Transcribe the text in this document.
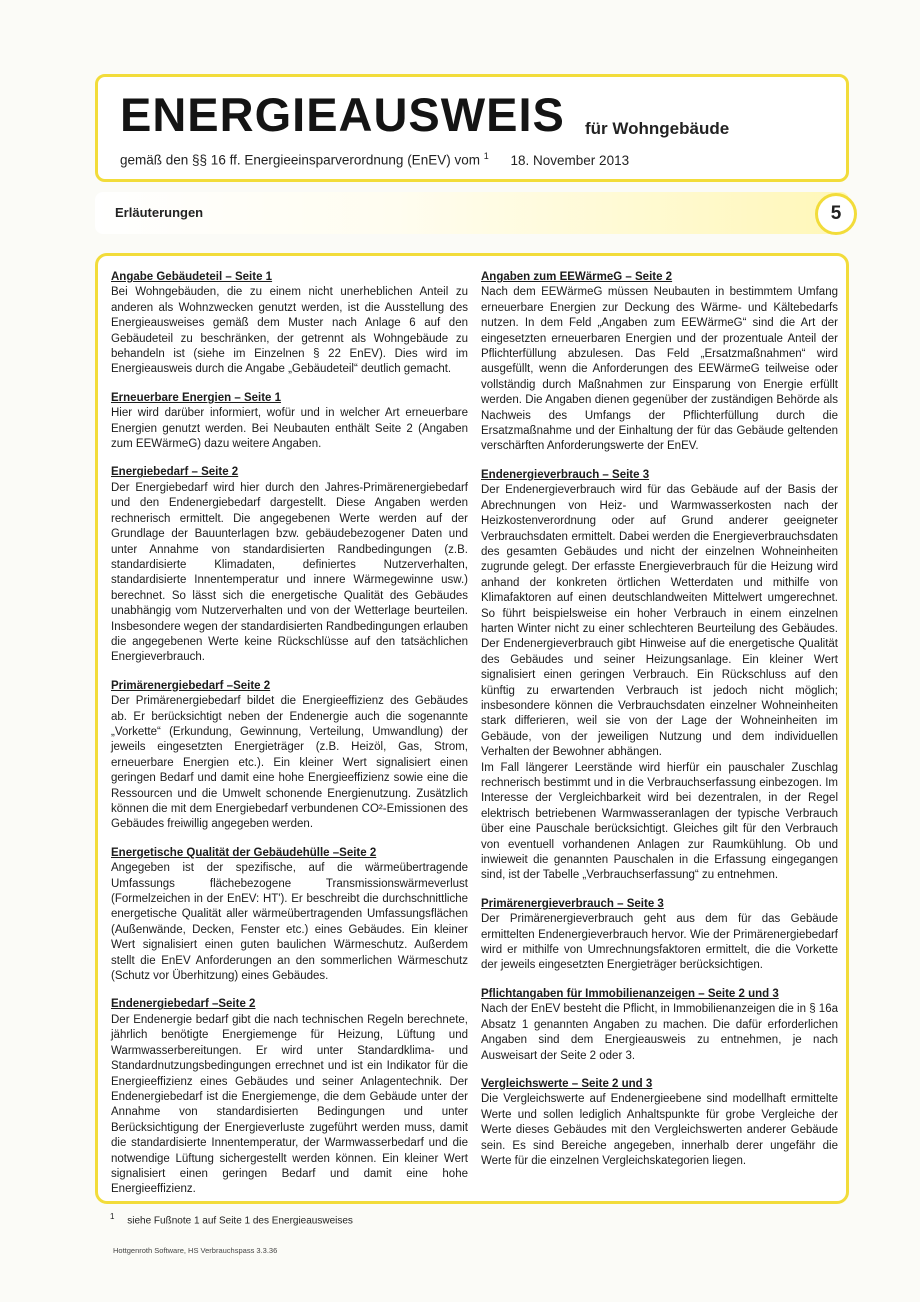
ENERGIEAUSWEIS für Wohngebäude
gemäß den §§ 16 ff. Energieeinsparverordnung (EnEV) vom $^1$ 18. November 2013
Erläuterungen	5
Angabe Gebäudeteil – Seite 1

Bei Wohngebäuden, die zu einem nicht unerheblichen Anteil zu anderen als Wohnzwecken genutzt werden, ist die Ausstellung des Energieausweises gemäß dem Muster nach Anlage 6 auf den Gebäudeteil zu beschränken, der getrennt als Wohngebäude zu behandeln ist (siehe im Einzelnen § 22 EnEV). Dies wird im Energieausweis durch die Angabe „Gebäudeteil“ deutlich gemacht.

Erneuerbare Energien – Seite 1

Hier wird darüber informiert, wofür und in welcher Art erneuerbare Energien genutzt werden. Bei Neubauten enthält Seite 2 (Angaben zum EEWärmeG) dazu weitere Angaben.

Energiebedarf – Seite 2

Der Energiebedarf wird hier durch den Jahres-Primärenergiebedarf und den Endenergiebedarf dargestellt. Diese Angaben werden rechnerisch ermittelt. Die angegebenen Werte werden auf der Grundlage der Bauunterlagen bzw. gebäudebezogener Daten und unter Annahme von standardisierten Randbedingungen (z.B. standardisierte Klimadaten, definiertes Nutzerverhalten, standardisierte Innentemperatur und innere Wärmegewinne usw.) berechnet. So lässt sich die energetische Qualität des Gebäudes unabhängig vom Nutzerverhalten und von der Wetterlage beurteilen. Insbesondere wegen der standardisierten Randbedingungen erlauben die angegebenen Werte keine Rückschlüsse auf den tatsächlichen Energieverbrauch.

Primärenergiebedarf –Seite 2

Der Primärenergiebedarf bildet die Energieeffizienz des Gebäudes ab. Er berücksichtigt neben der Endenergie auch die sogenannte „Vorkette“ (Erkundung, Gewinnung, Verteilung, Umwandlung) der jeweils eingesetzten Energieträger (z.B. Heizöl, Gas, Strom, erneuerbare Energien etc.). Ein kleiner Wert signalisiert einen geringen Bedarf und damit eine hohe Energieeffizienz sowie eine die Ressourcen und die Umwelt schonende Energienutzung. Zusätzlich können die mit dem Energiebedarf verbundenen CO²-Emissionen des Gebäudes freiwillig angegeben werden.

Energetische Qualität der Gebäudehülle –Seite 2

Angegeben ist der spezifische, auf die wärmeübertragende Umfassungs flächebezogene Transmissionswärmeverlust (Formelzeichen in der EnEV: HT'). Er beschreibt die durchschnittliche energetische Qualität aller wärmeübertragenden Umfassungsflächen (Außenwände, Decken, Fenster etc.) eines Gebäudes. Ein kleiner Wert signalisiert einen guten baulichen Wärmeschutz. Außerdem stellt die EnEV Anforderungen an den sommerlichen Wärmeschutz (Schutz vor Überhitzung) eines Gebäudes.

Endenergiebedarf –Seite 2

Der Endenergie bedarf gibt die nach technischen Regeln berechnete, jährlich benötigte Energiemenge für Heizung, Lüftung und Warmwasserbereitungen. Er wird unter Standardklima- und Standardnutzungsbedingungen errechnet und ist ein Indikator für die Energieeffizienz eines Gebäudes und seiner Anlagentechnik. Der Endenergiebedarf ist die Energiemenge, die dem Gebäude unter der Annahme von standardisierten Bedingungen und unter Berücksichtigung der Energieverluste zugeführt werden muss, damit die standardisierte Innentemperatur, der Warmwasserbedarf und die notwendige Lüftung sichergestellt werden können. Ein kleiner Wert signalisiert einen geringen Bedarf und damit eine hohe Energieeffizienz.

Angaben zum EEWärmeG – Seite 2

Nach dem EEWärmeG müssen Neubauten in bestimmtem Umfang erneuerbare Energien zur Deckung des Wärme- und Kältebedarfs nutzen. In dem Feld „Angaben zum EEWärmeG“ sind die Art der eingesetzten erneuerbaren Energien und der prozentuale Anteil der Pflichterfüllung abzulesen. Das Feld „Ersatzmaßnahmen“ wird ausgefüllt, wenn die Anforderungen des EEWärmeG teilweise oder vollständig durch Maßnahmen zur Einsparung von Energie erfüllt werden. Die Angaben dienen gegenüber der zuständigen Behörde als Nachweis des Umfangs der Pflichterfüllung durch die Ersatzmaßnahme und der Einhaltung der für das Gebäude geltenden verschärften Anforderungswerte der EnEV.

Endenergieverbrauch – Seite 3

Der Endenergieverbrauch wird für das Gebäude auf der Basis der Abrechnungen von Heiz- und Warmwasserkosten nach der Heizkostenverordnung oder auf Grund anderer geeigneter Verbrauchsdaten ermittelt. Dabei werden die Energieverbrauchsdaten des gesamten Gebäudes und nicht der einzelnen Wohneinheiten zugrunde gelegt. Der erfasste Energieverbrauch für die Heizung wird anhand der konkreten örtlichen Wetterdaten und mithilfe von Klimafaktoren auf einen deutschlandweiten Mittelwert umgerechnet. So führt beispielsweise ein hoher Verbrauch in einem einzelnen harten Winter nicht zu einer schlechteren Beurteilung des Gebäudes. Der Endenergieverbrauch gibt Hinweise auf die energetische Qualität des Gebäudes und seiner Heizungsanlage. Ein kleiner Wert signalisiert einen geringen Verbrauch. Ein Rückschluss auf den künftig zu erwartenden Verbrauch ist jedoch nicht möglich; insbesondere können die Verbrauchsdaten einzelner Wohneinheiten stark differieren, weil sie von der Lage der Wohneinheiten im Gebäude, von der jeweiligen Nutzung und dem individuellen Verhalten der Bewohner abhängen.

Im Fall längerer Leerstände wird hierfür ein pauschaler Zuschlag rechnerisch bestimmt und in die Verbrauchserfassung einbezogen. Im Interesse der Vergleichbarkeit wird bei dezentralen, in der Regel elektrisch betriebenen Warmwasseranlagen der typische Verbrauch über eine Pauschale berücksichtigt. Gleiches gilt für den Verbrauch von eventuell vorhandenen Anlagen zur Raumkühlung. Ob und inwieweit die genannten Pauschalen in die Erfassung eingegangen sind, ist der Tabelle „Verbrauchserfassung“ zu entnehmen.

Primärenergieverbrauch – Seite 3

Der Primärenergieverbrauch geht aus dem für das Gebäude ermittelten Endenergieverbrauch hervor. Wie der Primärenergiebedarf wird er mithilfe von Umrechnungsfaktoren ermittelt, die die Vorkette der jeweils eingesetzten Energieträger berücksichtigen.

Pflichtangaben für Immobilienanzeigen – Seite 2 und 3

Nach der EnEV besteht die Pflicht, in Immobilienanzeigen die in § 16a Absatz 1 genannten Angaben zu machen. Die dafür erforderlichen Angaben sind dem Energieausweis zu entnehmen, je nach Ausweisart der Seite 2 oder 3.

Vergleichswerte – Seite 2 und 3

Die Vergleichswerte auf Endenergieebene sind modellhaft ermittelte Werte und sollen lediglich Anhaltspunkte für grobe Vergleiche der Werte dieses Gebäudes mit den Vergleichswerten anderer Gebäude sein. Es sind Bereiche angegeben, innerhalb derer ungefähr die Werte für die einzelnen Vergleichskategorien liegen.

$^1$ siehe Fußnote 1 auf Seite 1 des Energieausweises
Hottgenroth Software, HS Verbrauchspass 3.3.36
